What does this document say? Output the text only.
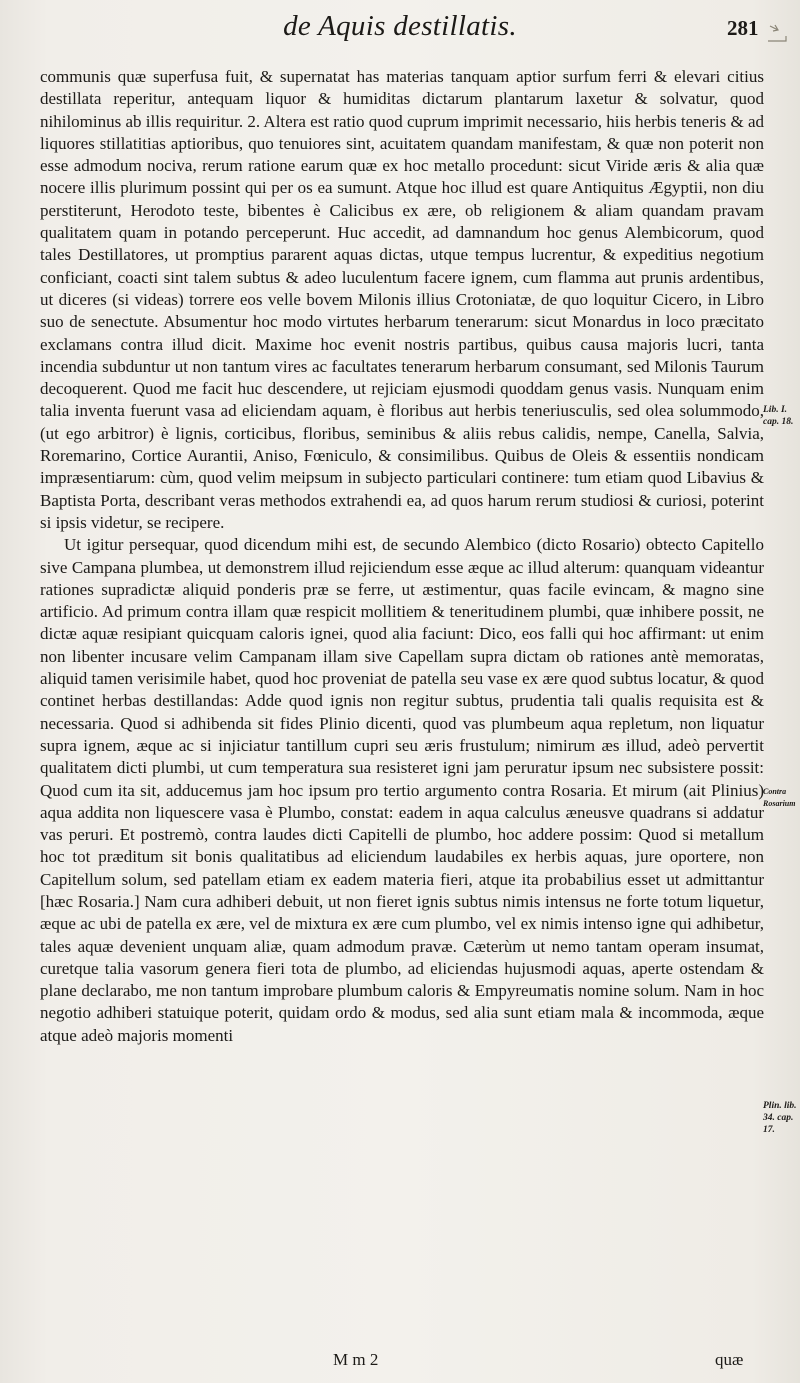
de Aquis destillatis.	281

communis quæ superfusa fuit, & supernatat has materias tanquam aptior surfum ferri & elevari citius destillata reperitur, antequam liquor & humiditas dictarum plantarum laxetur & solvatur, quod nihilominus ab illis requiritur. 2. Altera est ratio quod cuprum imprimit necessario, hiis herbis teneris & ad liquores stillatitias aptioribus, quo tenuiores sint, acuitatem quandam manifestam, & quæ non poterit non esse admodum nociva, rerum ratione earum quæ ex hoc metallo procedunt: sicut Viride æris & alia quæ nocere illis plurimum possint qui per os ea sumunt. Atque hoc illud est quare Antiquitus Ægyptii, non diu perstiterunt, Herodoto teste, bibentes è Calicibus ex ære, ob religionem & aliam quandam pravam qualitatem quam in potando perceperunt. Huc accedit, ad damnandum hoc genus Alembicorum, quod tales Destillatores, ut promptius pararent aquas dictas, utque tempus lucrentur, & expeditius negotium conficiant, coacti sint talem subtus & adeo luculentum facere ignem, cum flamma aut prunis ardentibus, ut diceres (si videas) torrere eos velle bovem Milonis illius Crotoniatæ, de quo loquitur Cicero, in Libro suo de senectute. Absumentur hoc modo virtutes herbarum tenerarum: sicut Monardus in loco præcitato exclamans contra illud dicit. Maxime hoc evenit nostris partibus, quibus causa majoris lucri, tanta incendia subduntur ut non tantum vires ac facultates tenerarum herbarum consumant, sed Milonis Taurum decoquerent. Quod me facit huc descendere, ut rejiciam ejusmodi quoddam genus vasis. Nunquam enim talia inventa fuerunt vasa ad eliciendam aquam, è floribus aut herbis teneriusculis, sed olea solummodo, (ut ego arbitror) è lignis, corticibus, floribus, seminibus & aliis rebus calidis, nempe, Canella, Salvia, Roremarino, Cortice Aurantii, Aniso, Fœniculo, & consimilibus. Quibus de Oleis & essentiis nondicam impræsentiarum: cùm, quod velim meipsum in subjecto particulari continere: tum etiam quod Libavius & Baptista Porta, describant veras methodos extrahendi ea, ad quos harum rerum studiosi & curiosi, poterint si ipsis videtur, se recipere.

Ut igitur persequar, quod dicendum mihi est, de secundo Alembico (dicto Rosario) obtecto Capitello sive Campana plumbea, ut demonstrem illud rejiciendum esse æque ac illud alterum: quanquam videantur rationes supradictæ aliquid ponderis præ se ferre, ut æstimentur, quas facile evincam, & magno sine artificio. Ad primum contra illam quæ respicit mollitiem & teneritudinem plumbi, quæ inhibere possit, ne dictæ aquæ resipiant quicquam caloris ignei, quod alia faciunt: Dico, eos falli qui hoc affirmant: ut enim non libenter incusare velim Campanam illam sive Capellam supra dictam ob rationes antè memoratas, aliquid tamen verisimile habet, quod hoc proveniat de patella seu vase ex ære quod subtus locatur, & quod continet herbas destillandas: Adde quod ignis non regitur subtus, prudentia tali qualis requisita est & necessaria. Quod si adhibenda sit fides Plinio dicenti, quod vas plumbeum aqua repletum, non liquatur supra ignem, æque ac si injiciatur tantillum cupri seu æris frustulum; nimirum æs illud, adeò pervertit qualitatem dicti plumbi, ut cum temperatura sua resisteret igni jam peruratur ipsum nec subsistere possit: Quod cum ita sit, adducemus jam hoc ipsum pro tertio argumento contra Rosaria. Et mirum (ait Plinius) aqua addita non liquescere vasa è Plumbo, constat: eadem in aqua calculus æneusve quadrans si addatur vas peruri. Et postremò, contra laudes dicti Capitelli de plumbo, hoc addere possim: Quod si metallum hoc tot præditum sit bonis qualitatibus ad eliciendum laudabiles ex herbis aquas, jure oportere, non Capitellum solum, sed patellam etiam ex eadem materia fieri, atque ita probabilius esset ut admittantur [hæc Rosaria.] Nam cura adhiberi debuit, ut non fieret ignis subtus nimis intensus ne forte totum liquetur, æque ac ubi de patella ex ære, vel de mixtura ex ære cum plumbo, vel ex nimis intenso igne qui adhibetur, tales aquæ devenient unquam aliæ, quam admodum pravæ. Cæterùm ut nemo tantam operam insumat, curetque talia vasorum genera fieri tota de plumbo, ad eliciendas hujusmodi aquas, aperte ostendam & plane declarabo, me non tantum improbare plumbum caloris & Empyreumatis nomine solum. Nam in hoc negotio adhiberi statuique poterit, quidam ordo & modus, sed alia sunt etiam mala & incommoda, æque atque adeò majoris momenti

Lib. I. cap. 18.
Contra Rosarium
Plin. lib. 34. cap. 17.
M m 2	quæ
